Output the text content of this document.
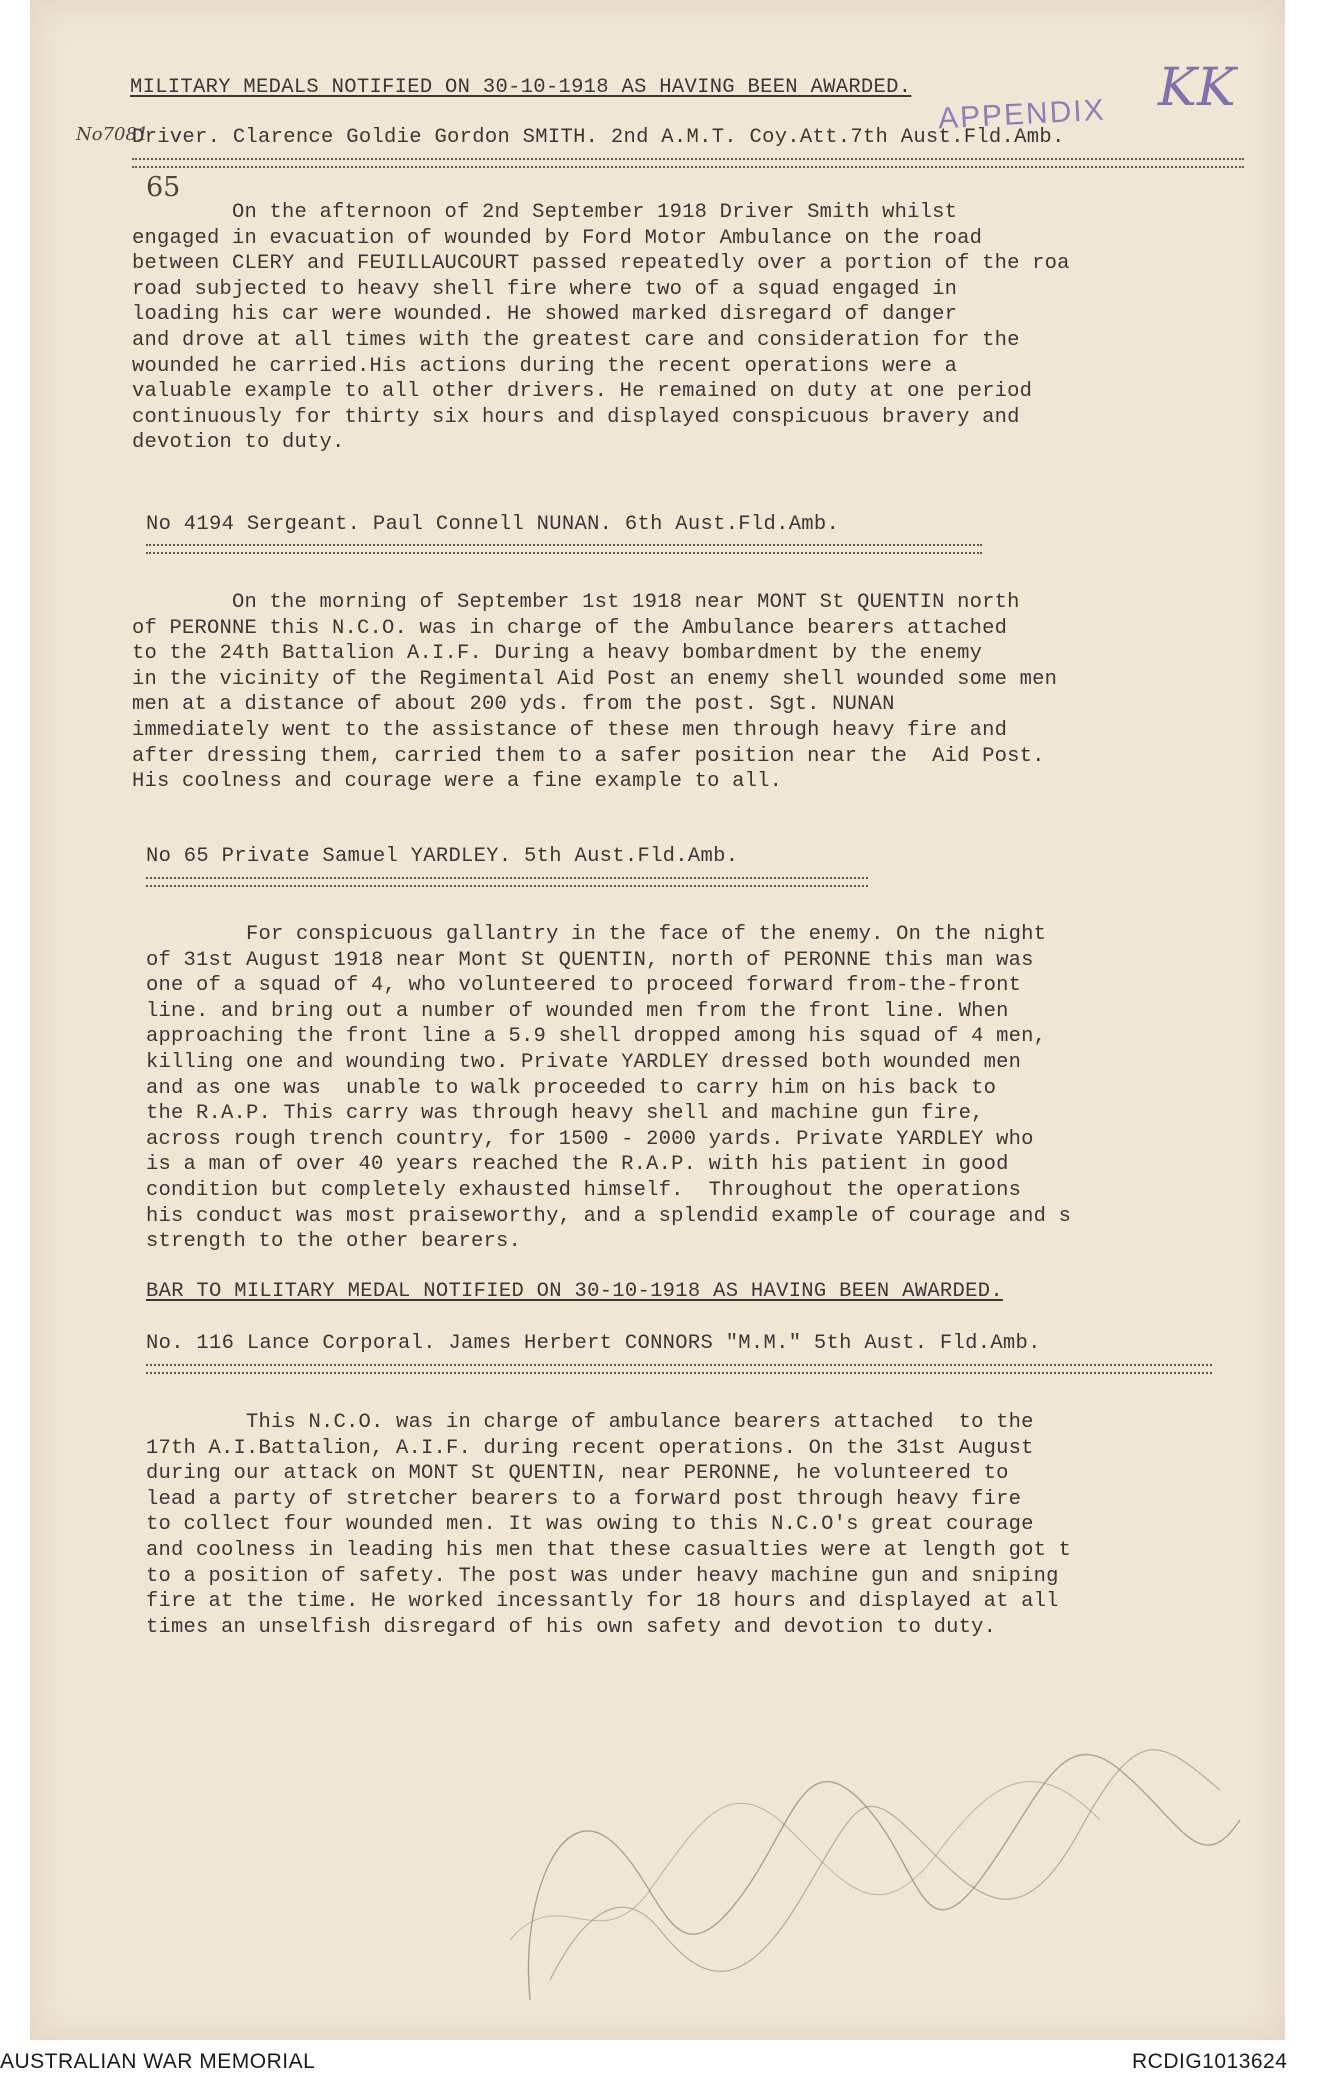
MILITARY MEDALS NOTIFIED ON 30-10-1918 AS HAVING BEEN AWARDED.
APPENDIX KK
No7081
Driver. Clarence Goldie Gordon SMITH. 2nd A.M.T. Coy.Att.7th Aust.Fld.Amb.
65
On the afternoon of 2nd September 1918 Driver Smith whilst
engaged in evacuation of wounded by Ford Motor Ambulance on the road
between CLERY and FEUILLAUCOURT passed repeatedly over a portion of the roa
road subjected to heavy shell fire where two of a squad engaged in
loading his car were wounded. He showed marked disregard of danger
and drove at all times with the greatest care and consideration for the
wounded he carried.His actions during the recent operations were a
valuable example to all other drivers. He remained on duty at one period
continuously for thirty six hours and displayed conspicuous bravery and
devotion to duty.
No 4194 Sergeant. Paul Connell NUNAN. 6th Aust.Fld.Amb.
On the morning of September 1st 1918 near MONT St QUENTIN north
of PERONNE this N.C.O. was in charge of the Ambulance bearers attached
to the 24th Battalion A.I.F. During a heavy bombardment by the enemy
in the vicinity of the Regimental Aid Post an enemy shell wounded some men
men at a distance of about 200 yds. from the post. Sgt. NUNAN
immediately went to the assistance of these men through heavy fire and
after dressing them, carried them to a safer position near the  Aid Post.
His coolness and courage were a fine example to all.
No 65 Private Samuel YARDLEY. 5th Aust.Fld.Amb.
For conspicuous gallantry in the face of the enemy. On the night
of 31st August 1918 near Mont St QUENTIN, north of PERONNE this man was
one of a squad of 4, who volunteered to proceed forward from-the-front
line. and bring out a number of wounded men from the front line. When
approaching the front line a 5.9 shell dropped among his squad of 4 men,
killing one and wounding two. Private YARDLEY dressed both wounded men
and as one was  unable to walk proceeded to carry him on his back to
the R.A.P. This carry was through heavy shell and machine gun fire,
across rough trench country, for 1500 - 2000 yards. Private YARDLEY who
is a man of over 40 years reached the R.A.P. with his patient in good
condition but completely exhausted himself.  Throughout the operations
his conduct was most praiseworthy, and a splendid example of courage and s
strength to the other bearers.
BAR TO MILITARY MEDAL NOTIFIED ON 30-10-1918 AS HAVING BEEN AWARDED.
No. 116 Lance Corporal. James Herbert CONNORS "M.M." 5th Aust. Fld.Amb.
This N.C.O. was in charge of ambulance bearers attached  to the
17th A.I.Battalion, A.I.F. during recent operations. On the 31st August
during our attack on MONT St QUENTIN, near PERONNE, he volunteered to
lead a party of stretcher bearers to a forward post through heavy fire
to collect four wounded men. It was owing to this N.C.O's great courage
and coolness in leading his men that these casualties were at length got t
to a position of safety. The post was under heavy machine gun and sniping
fire at the time. He worked incessantly for 18 hours and displayed at all
times an unselfish disregard of his own safety and devotion to duty.
AUSTRALIAN WAR MEMORIAL	RCDIG1013624
